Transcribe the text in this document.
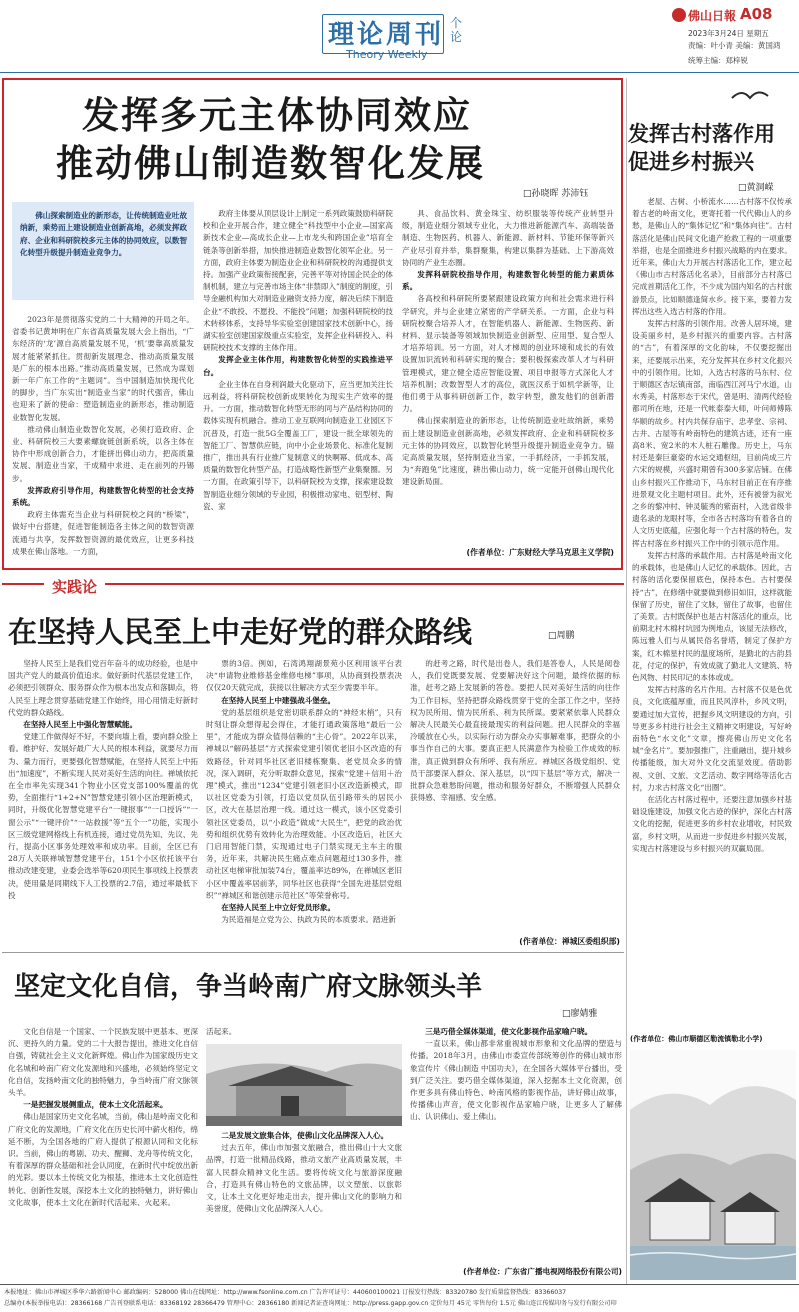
理论周刊
Theory Weekly
个论
佛山日報 A08
2023年3月24日 星期五
责编：叶小青 美编：黄国鸿
统筹主编：郑梓锐
发挥多元主体协同效应
推动佛山制造数智化发展
□孙晓晖 苏沛钰
佛山探索制造业的新形态，让传统制造业吐故纳新，乘势而上建设制造业创新高地，必须发挥政府、企业和科研院校多元主体的协同效应，以数智化转型升级提升制造业竞争力。

2023年是贯彻落实党的二十大精神的开局之年。省委书记黄坤明在广东省高质量发展大会上指出，“广东经济的‘龙’源自高质量发展不见，‘机’要靠高质量发展才能紧紧抓住。贯彻新发展理念、推动高质量发展是广东的根本出路。”推动高质量发展，已然成为谋划新一年广东工作的“主题词”。当中国制造加快现代化的脚步，当广东实出“制造业当家”的时代强音，佛山也迎来了新的使命：塑造制造业的新形态，推动制造业数智化发展。

推动佛山制造业数智化发展，必须打造政府、企业、科研院校三大要素螺旋链创新系统，以各主体在协作中形成创新合力，才能拼出佛山动力，把高质量发展、制造业当家，干成精中求进、走在前列的丹锡步。

发挥政府引导作用，构建数智化转型的社会支持系统。

政府主体需充当企业与科研院校之间的“桥梁”，做好中台搭建，促进智能制造各主体之间的数智资源流通与共享，发挥数智资源的最优效应，让更多科技成果在佛山落地。一方面，

政府主体要从顶层设计上制定一系列政策鼓励科研院校和企业开展合作，建立健全“科技型中小企业—国家高新技术企业—高成长企业—上市龙头和跨国企业”培育全链条等创新举措，加快推进制造业数智化领军企业。另一方面，政府主体要为制造业企业和科研院校的沟通提供支持。加强产业政策衔接配套，完善平等对待国企民企的体制机制，建立与完善市场主体“非禁即入”制度的制度，引导金融机构加大对制造业融资支持力度，解决后续下制造企业“不敢投、不愿投、不能投”问题；加强科研院校的技术转移体系，支持导华实验室创建国家技术创新中心，扬湖实验室创建国家级重点实验室，发挥企业科研投入、科研院校技术支撑的主体作用。

发挥企业主体作用，构建数智化转型的实践推进平台。

企业主体在自身利润最大化驱动下，应当更加关注长远利益，将科研院校创新成果转化为现实生产效率的提升。一方面，推动数智化转型无形的同与产品结构协同的载体实现有机融合。推动工业互联网向制造业工业园区下沉普及，打造一批5G全覆盖工厂，建设一批全球领先的智能工厂、智慧供应链，向中小企业场景化、标准化复制推广，推出具有行业推广复制意义的快啊幂、低成本、高质量的数智化转型产品，打造战略性新型产业集聚圈。另一方面，在政策引导下，以科研院校为支撑，探索建设数智制造业细分领域的专业园，积极推动家电、铝型材、陶瓷、家

具、食品饮料、黄金珠宝、纺织服装等传统产业转型升级，制造业细分领域专业化，大力推进新能源汽车、高端装备制造、生物医药、机器人、新能源、新材料、节能环保等新兴产业尽引育并举，集群聚集，构建以集群为基础、上下游高效协同的产业生态圈。

发挥科研院校指导作用，构建数智化转型的能力素质体系。

各高校和科研院所要紧跟建设政策方向和社会需求进行科学研究，并与企业建立紧密的产学研关系。一方面，企业与科研院校聚合培养人才，在智能机器人、新能源、生物医药、新材料、显示装备等领域加快制造业创新型、应用型、复合型人才培养培训。另一方面，对人才梯周的创业环境和成长的有效设置加识流转和科研实现的聚合；要积极探索改革人才与科研管理模式，建立健全适应智能设置、项目申报等方式深化人才培养机制；改数智型人才的高位，就医汉系于如机学新等，让他们勇于从事科研创新工作，数字转型，激发他们的创新潜力。

佛山探索制造业的新形态，让传统制造业吐故纳新，乘势而上建设制造业创新高地，必须发挥政府、企业和科研院校多元主体的协同效应，以数智化转型升级提升制造业竞争力。锚定高质量发展，坚持制造业当家，一手抓经济，一手抓发展，为“奔跑兔”比速度，耕出佛山动力，统一定能开创佛山现代化建设新局面。

(作者单位：广东财经大学马克思主义学院)
发挥古村落作用
促进乡村振兴
□黄洞嵘

老屋、古树、小桥流水……古村落不仅传承着古老的岭南文化，更寄托着一代代佛山人的乡愁，是佛山人的“集体记忆”和“集体向往”。古村落活化是佛山民间文化遗产抢救工程的一项重要举措，也是全面推进乡村振兴战略的内在要求。近年来，佛山大力开展古村落活化工作，建立起《佛山市古村落活化名录》，目前部分古村落已完成首期活化工作，不少成为国内知名的古村旅游景点，比如顺德逢简水乡。接下来，要着力发挥出这些入选古村落的作用。

发挥古村落的引领作用。改善人居环境，建设美丽乡村，是乡村振兴的重要内容。古村落的“古”，有着深厚的文化韵味，不仅要挖掘出来，还要展示出来，充分发挥其在乡村文化振兴中的引领作用。比如，入选古村落的马东村、位于顺德区杏坛镇南部，南临西江河马宁水道，山水秀美，村落形态于宋代，曾是明、清两代经验都司所在地，还是一代帐泰泰大师，叶问师傅陈华顺的故乡。村内共保存庙宇、忠孝堂、宗祠、古井、古屋等有岭南特色的建筑古迹，还有一座高8米、宽2米的木人桩石雕像。历史上，马东村还是秦巨豪姿的水运交通枢纽，目前尚成三片六宋的规模，兴盛时期曾有300多家店铺。在佛山乡村振兴工作推动下，马东村目前正在有序推进景观文化主题村项目。此外，还有被誉为叙光之乡的黎冲村、钟灵毓秀的紫南村，入选省级非遗名录的龙眼村等，全市各古村落均有着各自的人文历史底蕴，应强化每一个古村落的特色，发挥古村落在乡村振兴工作中的引领示范作用。

发挥古村落的承载作用。古村落是岭南文化的承载体，也是佛山人记忆的承载体。因此，古村落的活化要保留底色，保持本色。古村要保持“古”，在修缮中就要做到修旧如旧，这样就能保留了历史，留住了文脉，留住了故事，也留住了美景。古村既保护也是古村落活化的重点，比前期北村木棉村坑园为例地点，该屋无法修改，陈远雅人们与从属民俗名誉塔，制定了保护方案，红木棉星村民的温度场所，是勤北的古韵县花，付定的保护，有效成就了勤北人文建筑、特色风物、村民印记的本体或成。

发挥古村落的名片作用。古村落不仅是色优良，文化底蕴厚重，而且民风淳朴，乡风文明，要通过加大宣传，把握乡风文明建设的方向，引导更多乡村进行社会主义精神文明建设，写好岭南特色“水文化”文章，擦亮佛山历史文化名城“金名片”。要加强推广，注重融出，提升城乡传播能级，加大对外文化交流显效度。借助影视、文创、文旅、文艺活动、数字网络等活化古村，力求古村落文化“出圈”。

在活化古村落过程中，还要注意加强乡村基础设施建设，加强文化古迹的保护，深化古村落文化的挖掘，促进更多的乡村农业增收，村民致富，乡村文明，从而进一步促进乡村振兴发展，实现古村落建设与乡村振兴的双赢局面。

(作者单位：佛山市顺德区勒流镇勒北小学)
实践论
在坚持人民至上中走好党的群众路线	□周鹏

坚持人民至上是我们党百年奋斗的成功经验，也是中国共产党人的最高价值追求。做好新时代基层党建工作，必须把引领群众、服务群众作为根本出发点和落脚点，将人民至上理念贯穿基础党建工作始终，用心用情走好新时代党的群众路线。

在坚持人民至上中强化智慧赋能。

党建工作做得好不好，不要向墙上看，要向群众脸上看。维护好、发展好最广大人民的根本利益，就要尽力而为、量力而行，更要强化智慧赋能，在坚持人民至上中拓出“加速度”，不断实现人民对美好生活的向往。禅城依托在全市率先实现341个物业小区党支部100%覆盖的优势，全面推行“1+2+N”智慧党建引领小区治理新模式，同时，升级优化智慧党建平台“一键报事”“一口授诉”“一窗公示”“一键评价”“一站救援”等“五个一”功能，实现小区三级党建网格线上有机连接，通过党员先知、先议、先行，提高小区事务处理效率和成功率。目前，全区已有28万人关联禅城智慧党建平台，151个小区依托该平台推动改建变建，业委会选举等620项民生事项线上投票表决，使用量是同期线下人工投票的2.7倍，通过率最低下投

票的3倍。例如，石湾鸿翔湖景苑小区利用该平台表决“申请物业维修基金维修电梯”事项，从协商到投票表决仅仅20天就完成，获接以往解决方式至少需要半年。

在坚持人民至上中建强战斗堡垒。

党的基层组织是党密切联系群众的“神经末梢”，只有时刻让群众想得起会得住，才能打通政策落地“最后一公里”，才能成为群众值得信赖的“主心骨”。2022年以来，禅城以“解码基层”方式探索党建引领优老旧小区改造的有效路径，针对同华社区老旧楼栋聚集、老党员众多的情况，深入调研，充分听取群众意见，探索“党建＋信用＋治理”模式，推出“1234”党建引领老旧小区改造新模式，即以社区党委为引领，打造以党员队伍引路带头的居民小区，改大在基层治理一线。通过这一模式，该小区党委引领社区党委员，以“小政造”做成“大民生”，把党的政治优势和组织优势有效转化为治理效能。小区改造后，社区大门启用智能门禁，实现通过电子门禁实现无主车主的服务，近年来，共解决民生痛点难点问题超过130多件，推动社区电梯审批加装74台，覆盖率达89%，在禅城区老旧小区中覆盖率居前茅，同华社区也获得“全国先进基层党组织”“禅城区和谐创建示范社区”等荣誉称号。

在坚持人民至上中立好党员形象。

为民造福是立党为公、执政为民的本质要求。踏进新

的赶考之路，时代是出卷人，我们是答卷人，人民是阅卷人，我们党既要发展、党要解决好这个问题，最终依据的标准，赶考之路上发展新的答卷。要把人民对美好生活的向往作为工作目标，坚持把群众路线贯穿于党的全部工作之中，坚持权为民所用、情为民所系、利为民所谋。要紧紧依靠人民群众解决人民最关心最直接最现实的利益问题。把人民群众的幸福冷暖放在心头，以实际行动为群众办实事解难事，把群众的小事当作自己的大事。要真正把人民满意作为检验工作成效的标准，真正做到群众有所呼、我有所应。禅城区各级党组织、党员干部要深入群众、深入基层，以“四下基层”等方式，解决一批群众急难愁盼问题，推动和服务好群众，不断增强人民群众获得感、幸福感、安全感。

(作者单位：禅城区委组织部)
坚定文化自信，争当岭南广府文脉领头羊
□廖婧雅

文化自信是一个国家、一个民族发展中更基本、更深沉、更持久的力量。党的二十大报告提出，推进文化自信自强，铸就社会主义文化新辉煌。佛山作为国家级历史文化名城和岭南广府文化发源地和兴盛地，必须始终坚定文化自信，发扬岭南文化的独特魅力，争当岭南广府文脉领头羊。

一是把握发展侧重点，使本土文化活起来。

佛山是国家历史文化名城，当前，佛山是岭南文化和广府文化的发源地，广府文化在历史长河中薪火相传，绵延不断，为全国各地的广府人提供了根源认同和文化标识。当前，佛山的粤剧、功夫、醒狮、龙舟等传统文化，有着深厚的群众基础和社会认同度，在新时代中绽放出新的光彩。要以本土传统文化为根基，推进本土文化创造性转化、创新性发展，深挖本土文化的独特魅力，讲好佛山文化故事，使本土文化在新时代活起来、火起来。

活起来。

二是发展文旅集合体，使佛山文化品牌深入人心。

过去五年，佛山市加强文旅融合，推出佛山十大文旅品牌，打造一批精品线路，推动文旅产业高质量发展，丰富人民群众精神文化生活。要将传统文化与旅游深度融合，打造具有佛山特色的文旅品牌，以文塑旅、以旅彰文，让本土文化更好地走出去，提升佛山文化的影响力和美誉度，使佛山文化品牌深入人心。

三是巧借全媒体渠道，使文化影视作品家喻户晓。

一直以来，佛山都非常重视城市形象和文化品牌的塑造与传播。2018年3月，由佛山市委宣传部统筹创作的佛山城市形象宣传片《佛山制造 中国功夫》，在全国各大媒体平台播出，受到广泛关注。要巧借全媒体渠道，深入挖掘本土文化资源，创作更多具有佛山特色、岭南风格的影视作品，讲好佛山故事，传播佛山声音，使文化影视作品家喻户晓，让更多人了解佛山、认识佛山、爱上佛山。

(作者单位：广东省广播电视网络股份有限公司)
本报地址：佛山市禅城区季华六路新闻中心 邮政编码：528000 佛山在线网址：http://www.fsonline.com.cn 广告许可证号：440600100021 订报发行热线：83320780 发行质量监督热线：83366037
总编办(本报举报电话)：28366168 广告刊登联系电话：83368192 28366479 管理中心：28366180 新闻记者证查询网址：http://press.gapp.gov.cn 定价每月 45元 零售每份 1.5元 佛山连江传媒印务与发行有限公司印
